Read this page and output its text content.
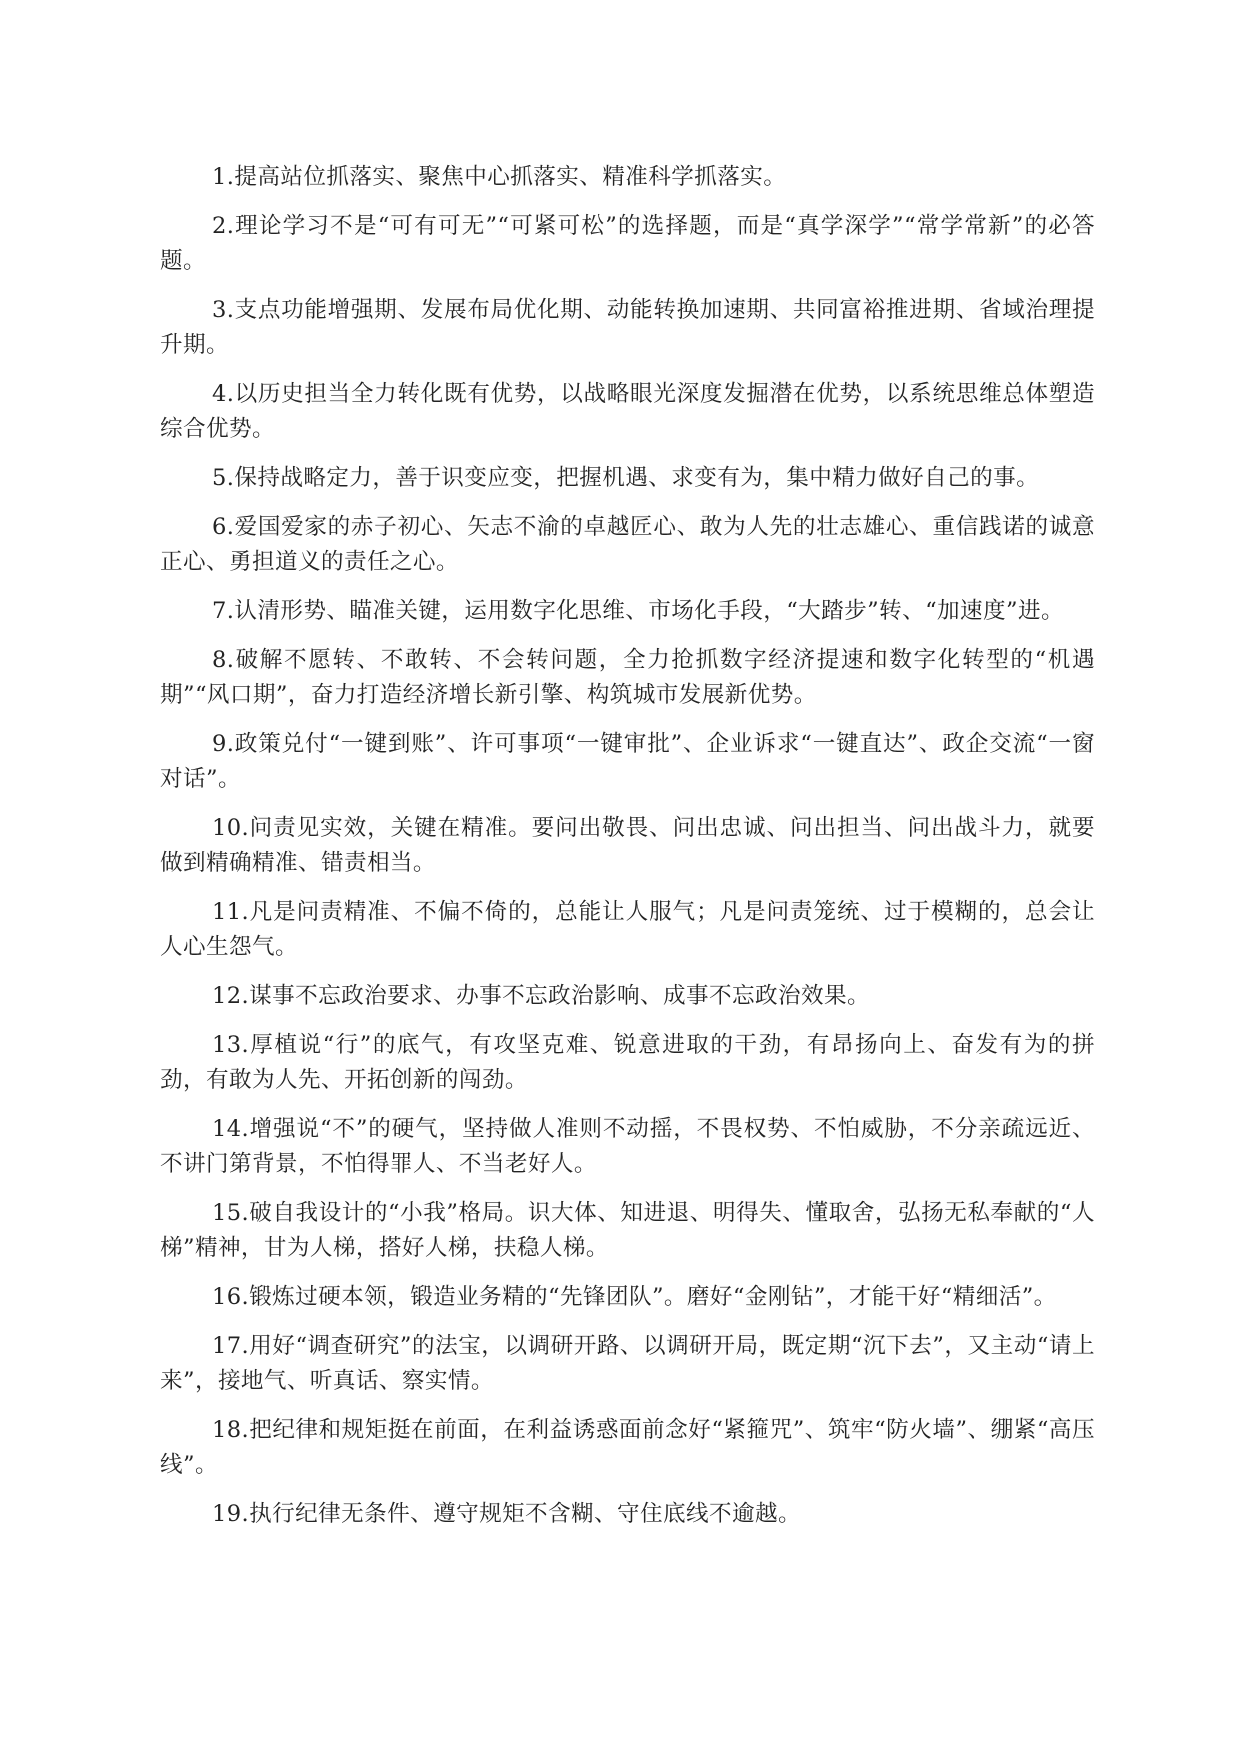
1.提高站位抓落实、聚焦中心抓落实、精准科学抓落实。

2.理论学习不是“可有可无”“可紧可松”的选择题，而是“真学深学”“常学常新”的必答题。

3.支点功能增强期、发展布局优化期、动能转换加速期、共同富裕推进期、省域治理提升期。

4.以历史担当全力转化既有优势，以战略眼光深度发掘潜在优势，以系统思维总体塑造综合优势。

5.保持战略定力，善于识变应变，把握机遇、求变有为，集中精力做好自己的事。

6.爱国爱家的赤子初心、矢志不渝的卓越匠心、敢为人先的壮志雄心、重信践诺的诚意正心、勇担道义的责任之心。

7.认清形势、瞄准关键，运用数字化思维、市场化手段，“大踏步”转、“加速度”进。

8.破解不愿转、不敢转、不会转问题，全力抢抓数字经济提速和数字化转型的“机遇期”“风口期”，奋力打造经济增长新引擎、构筑城市发展新优势。

9.政策兑付“一键到账”、许可事项“一键审批”、企业诉求“一键直达”、政企交流“一窗对话”。

10.问责见实效，关键在精准。要问出敬畏、问出忠诚、问出担当、问出战斗力，就要做到精确精准、错责相当。

11.凡是问责精准、不偏不倚的，总能让人服气；凡是问责笼统、过于模糊的，总会让人心生怨气。

12.谋事不忘政治要求、办事不忘政治影响、成事不忘政治效果。

13.厚植说“行”的底气，有攻坚克难、锐意进取的干劲，有昂扬向上、奋发有为的拼劲，有敢为人先、开拓创新的闯劲。

14.增强说“不”的硬气，坚持做人准则不动摇，不畏权势、不怕威胁，不分亲疏远近、不讲门第背景，不怕得罪人、不当老好人。

15.破自我设计的“小我”格局。识大体、知进退、明得失、懂取舍，弘扬无私奉献的“人梯”精神，甘为人梯，搭好人梯，扶稳人梯。

16.锻炼过硬本领，锻造业务精的“先锋团队”。磨好“金刚钻”，才能干好“精细活”。

17.用好“调查研究”的法宝，以调研开路、以调研开局，既定期“沉下去”，又主动“请上来”，接地气、听真话、察实情。

18.把纪律和规矩挺在前面，在利益诱惑面前念好“紧箍咒”、筑牢“防火墙”、绷紧“高压线”。

19.执行纪律无条件、遵守规矩不含糊、守住底线不逾越。
